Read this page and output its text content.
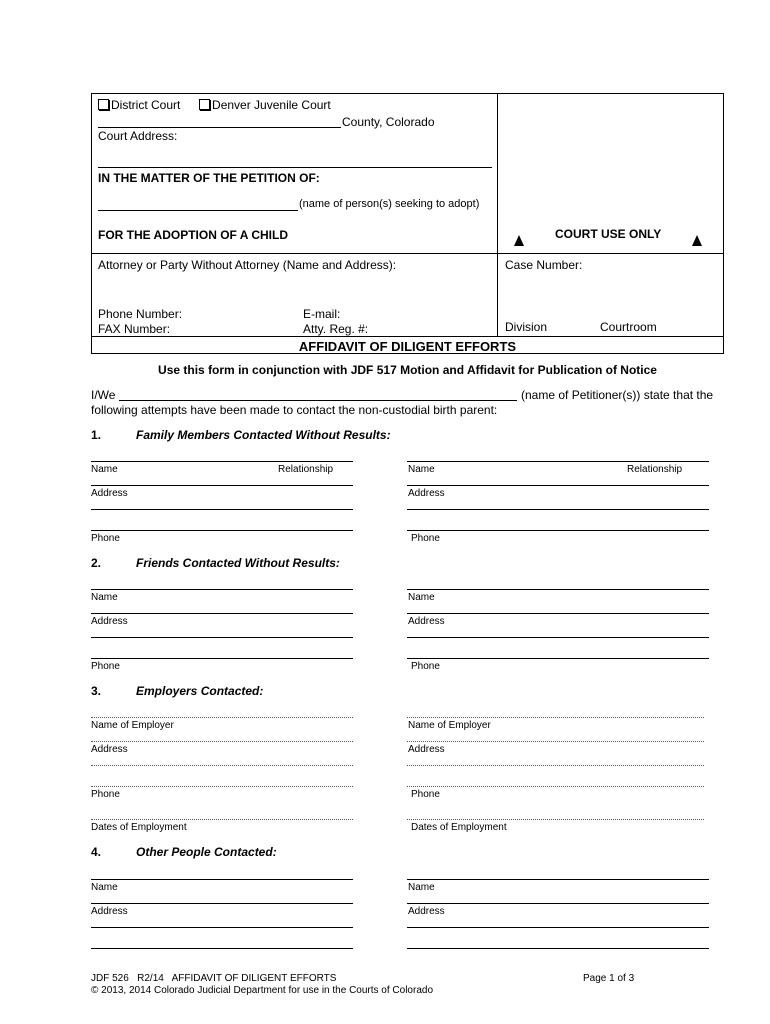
District Court	Denver Juvenile Court
County, Colorado
Court Address:
IN THE MATTER OF THE PETITION OF:
(name of person(s) seeking to adopt)
FOR THE ADOPTION OF A CHILD	COURT USE ONLY
Attorney or Party Without Attorney (Name and Address):	Case Number:
Phone Number:	E-mail:
FAX Number:	Atty. Reg. #:	Division	Courtroom
AFFIDAVIT OF DILIGENT EFFORTS
Use this form in conjunction with JDF 517 Motion and Affidavit for Publication of Notice
I/We	(name of Petitioner(s)) state that the
following attempts have been made to contact the non-custodial birth parent:
1.	Family Members Contacted Without Results:
Name	Relationship
Address
Phone
Name	Relationship
Address
Phone
2.	Friends Contacted Without Results:
Name
Address
Phone
Name
Address
Phone
3.	Employers Contacted:
Name of Employer
Address
Phone
Dates of Employment
Name of Employer
Address
Phone
Dates of Employment
4.	Other People Contacted:
Name
Address
Name
Address
JDF 526   R2/14   AFFIDAVIT OF DILIGENT EFFORTS	Page 1 of 3
© 2013, 2014 Colorado Judicial Department for use in the Courts of Colorado
